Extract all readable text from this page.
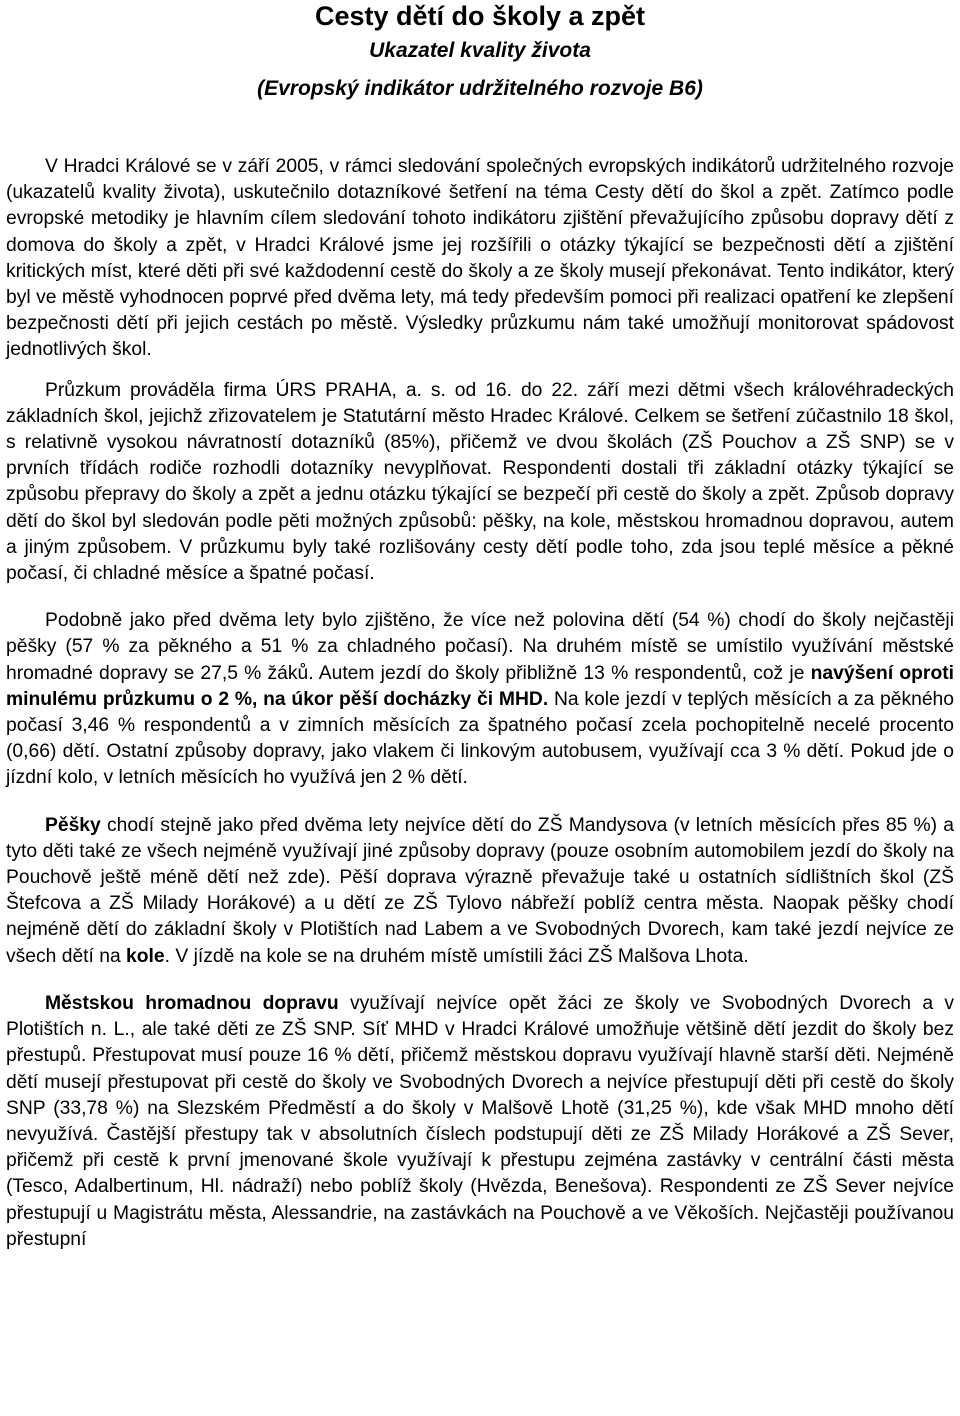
Cesty dětí do školy a zpět
Ukazatel kvality života
(Evropský indikátor udržitelného rozvoje B6)

V Hradci Králové se v září 2005, v rámci sledování společných evropských indikátorů udržitelného rozvoje (ukazatelů kvality života), uskutečnilo dotazníkové šetření na téma Cesty dětí do škol a zpět. Zatímco podle evropské metodiky je hlavním cílem sledování tohoto indikátoru zjištění převažujícího způsobu dopravy dětí z domova do školy a zpět, v Hradci Králové jsme jej rozšířili o otázky týkající se bezpečnosti dětí a zjištění kritických míst, které děti při své každodenní cestě do školy a ze školy musejí překonávat. Tento indikátor, který byl ve městě vyhodnocen poprvé před dvěma lety, má tedy především pomoci při realizaci opatření ke zlepšení bezpečnosti dětí při jejich cestách po městě. Výsledky průzkumu nám také umožňují monitorovat spádovost jednotlivých škol.

Průzkum prováděla firma ÚRS PRAHA, a. s. od 16. do 22. září mezi dětmi všech královéhradeckých základních škol, jejichž zřizovatelem je Statutární město Hradec Králové. Celkem se šetření zúčastnilo 18 škol, s relativně vysokou návratností dotazníků (85%), přičemž ve dvou školách (ZŠ Pouchov a ZŠ SNP) se v prvních třídách rodiče rozhodli dotazníky nevyplňovat. Respondenti dostali tři základní otázky týkající se způsobu přepravy do školy a zpět a jednu otázku týkající se bezpečí při cestě do školy a zpět. Způsob dopravy dětí do škol byl sledován podle pěti možných způsobů: pěšky, na kole, městskou hromadnou dopravou, autem a jiným způsobem. V průzkumu byly také rozlišovány cesty dětí podle toho, zda jsou teplé měsíce a pěkné počasí, či chladné měsíce a špatné počasí.

Podobně jako před dvěma lety bylo zjištěno, že více než polovina dětí (54 %) chodí do školy nejčastěji pěšky (57 % za pěkného a 51 % za chladného počasí). Na druhém místě se umístilo využívání městské hromadné dopravy se 27,5 % žáků. Autem jezdí do školy přibližně 13 % respondentů, což je navýšení oproti minulému průzkumu o 2 %, na úkor pěší docházky či MHD. Na kole jezdí v teplých měsících a za pěkného počasí 3,46 % respondentů a v zimních měsících za špatného počasí zcela pochopitelně necelé procento (0,66) dětí. Ostatní způsoby dopravy, jako vlakem či linkovým autobusem, využívají cca 3 % dětí. Pokud jde o jízdní kolo, v letních měsících ho využívá jen 2 % dětí.

Pěšky chodí stejně jako před dvěma lety nejvíce dětí do ZŠ Mandysova (v letních měsících přes 85 %) a tyto děti také ze všech nejméně využívají jiné způsoby dopravy (pouze osobním automobilem jezdí do školy na Pouchově ještě méně dětí než zde). Pěší doprava výrazně převažuje také u ostatních sídlištních škol (ZŠ Štefcova a ZŠ Milady Horákové) a u dětí ze ZŠ Tylovo nábřeží poblíž centra města. Naopak pěšky chodí nejméně dětí do základní školy v Plotištích nad Labem a ve Svobodných Dvorech, kam také jezdí nejvíce ze všech dětí na kole. V jízdě na kole se na druhém místě umístili žáci ZŠ Malšova Lhota.

Městskou hromadnou dopravu využívají nejvíce opět žáci ze školy ve Svobodných Dvorech a v Plotištích n. L., ale také děti ze ZŠ SNP. Síť MHD v Hradci Králové umožňuje většině dětí jezdit do školy bez přestupů. Přestupovat musí pouze 16 % dětí, přičemž městskou dopravu využívají hlavně starší děti. Nejméně dětí musejí přestupovat při cestě do školy ve Svobodných Dvorech a nejvíce přestupují děti při cestě do školy SNP (33,78 %) na Slezském Předměstí a do školy v Malšově Lhotě (31,25 %), kde však MHD mnoho dětí nevyužívá. Častější přestupy tak v absolutních číslech podstupují děti ze ZŠ Milady Horákové a ZŠ Sever, přičemž při cestě k první jmenované škole využívají k přestupu zejména zastávky v centrální části města (Tesco, Adalbertinum, Hl. nádraží) nebo poblíž školy (Hvězda, Benešova). Respondenti ze ZŠ Sever nejvíce přestupují u Magistrátu města, Alessandrie, na zastávkách na Pouchově a ve Věkoších. Nejčastěji používanou přestupní
